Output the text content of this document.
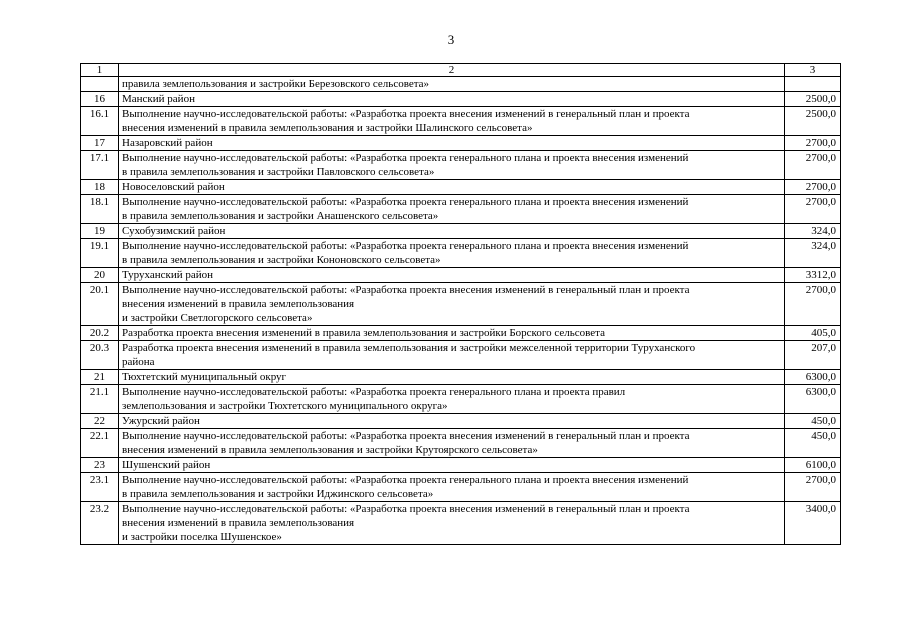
3
1	2	3
	правила землепользования и застройки Березовского сельсовета»	
16	Манский район	2500,0
16.1	Выполнение научно-исследовательской работы: «Разработка проекта внесения изменений в генеральный план и проекта
внесения изменений в правила землепользования и застройки Шалинского сельсовета»	2500,0
17	Назаровский район	2700,0
17.1	Выполнение научно-исследовательской работы: «Разработка проекта генерального плана и проекта внесения изменений
в правила землепользования и застройки Павловского сельсовета»	2700,0
18	Новоселовский район	2700,0
18.1	Выполнение научно-исследовательской работы: «Разработка проекта генерального плана и проекта внесения изменений
в правила землепользования и застройки Анашенского сельсовета»	2700,0
19	Сухобузимский район	324,0
19.1	Выполнение научно-исследовательской работы: «Разработка проекта генерального плана и проекта внесения изменений
в правила землепользования и застройки Кононовского сельсовета»	324,0
20	Туруханский район	3312,0
20.1	Выполнение научно-исследовательской работы: «Разработка проекта внесения изменений в генеральный план и проекта
внесения изменений в правила землепользования
и застройки Светлогорского сельсовета»	2700,0
20.2	Разработка проекта внесения изменений в правила землепользования и застройки Борского сельсовета	405,0
20.3	Разработка проекта внесения изменений в правила землепользования и застройки межселенной территории Туруханского
района	207,0
21	Тюхтетский муниципальный округ	6300,0
21.1	Выполнение научно-исследовательской работы: «Разработка проекта генерального плана и проекта правил
землепользования и застройки Тюхтетского муниципального округа»	6300,0
22	Ужурский район	450,0
22.1	Выполнение научно-исследовательской работы: «Разработка проекта внесения изменений в генеральный план и проекта
внесения изменений в правила землепользования и застройки Крутоярского сельсовета»	450,0
23	Шушенский район	6100,0
23.1	Выполнение научно-исследовательской работы: «Разработка проекта генерального плана и проекта внесения изменений
в правила землепользования и застройки Иджинского сельсовета»	2700,0
23.2	Выполнение научно-исследовательской работы: «Разработка проекта внесения изменений в генеральный план и проекта
внесения изменений в правила землепользования
и застройки поселка Шушенское»	3400,0
